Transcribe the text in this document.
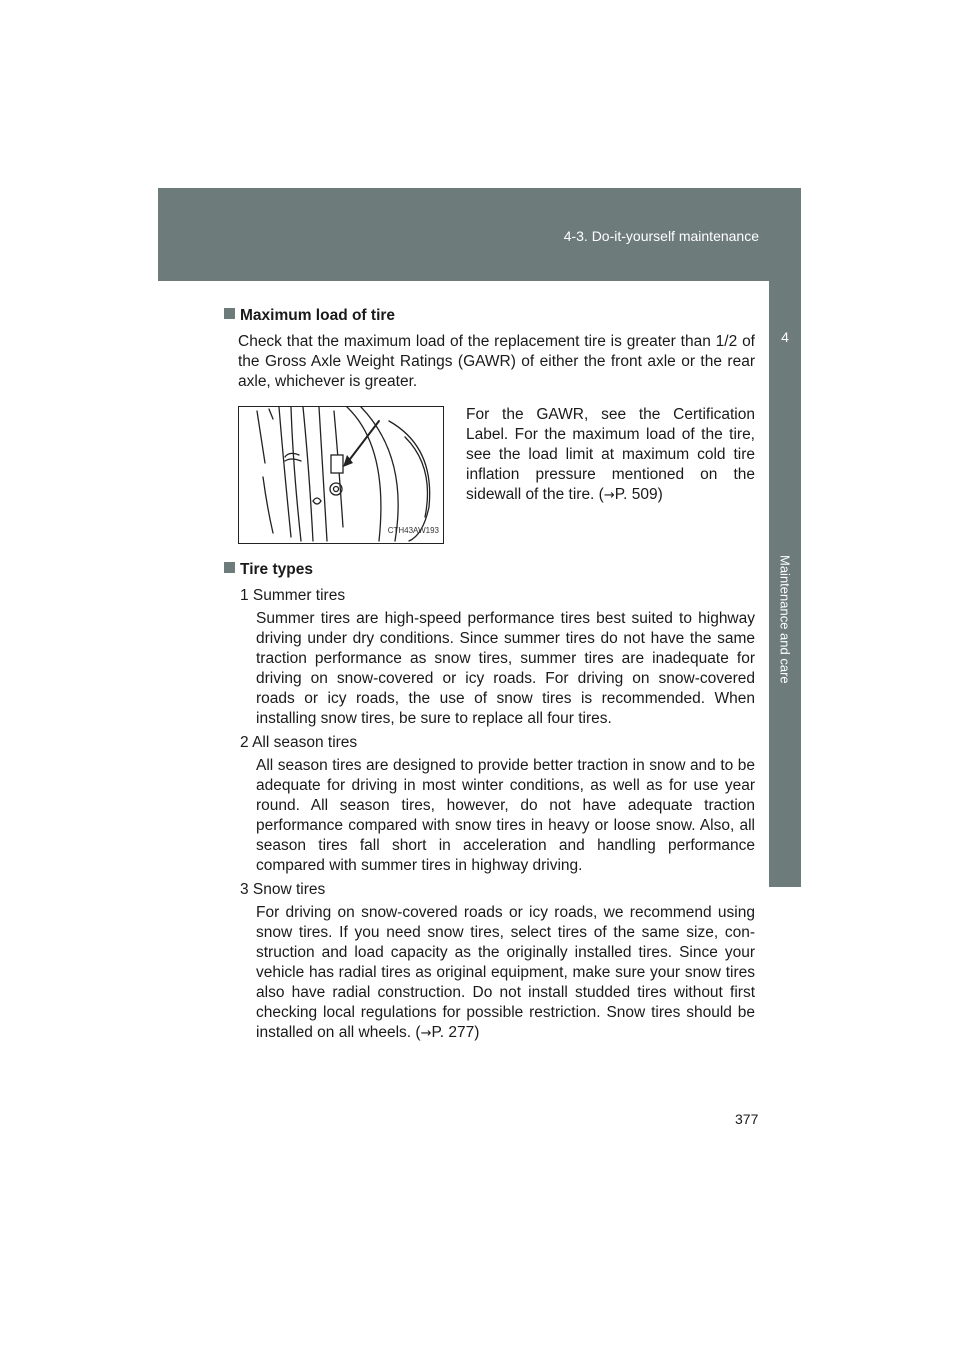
4-3. Do-it-yourself maintenance
4
Maintenance and care
Maximum load of tire

Check that the maximum load of the replacement tire is greater than 1/2 of the Gross Axle Weight Ratings (GAWR) of either the front axle or the rear axle, whichever is greater.

CTH43AW193
For the GAWR, see the Certification Label. For the maximum load of the tire, see the load limit at maximum cold tire inflation pressure mentioned on the sidewall of the tire. (→P. 509)
Tire types

1 Summer tires

Summer tires are high-speed performance tires best suited to highway driving under dry conditions. Since summer tires do not have the same traction performance as snow tires, summer tires are inadequate for driving on snow-covered or icy roads. For driving on snow-covered roads or icy roads, the use of snow tires is recommended. When installing snow tires, be sure to replace all four tires.

2 All season tires

All season tires are designed to provide better traction in snow and to be adequate for driving in most winter conditions, as well as for use year round. All season tires, however, do not have adequate traction performance compared with snow tires in heavy or loose snow. Also, all season tires fall short in acceleration and handling performance compared with summer tires in highway driving.

3 Snow tires

For driving on snow-covered roads or icy roads, we recommend using snow tires. If you need snow tires, select tires of the same size, con-struction and load capacity as the originally installed tires. Since your vehicle has radial tires as original equipment, make sure your snow tires also have radial construction. Do not install studded tires without first checking local regulations for possible restriction. Snow tires should be installed on all wheels. (→P. 277)

377
